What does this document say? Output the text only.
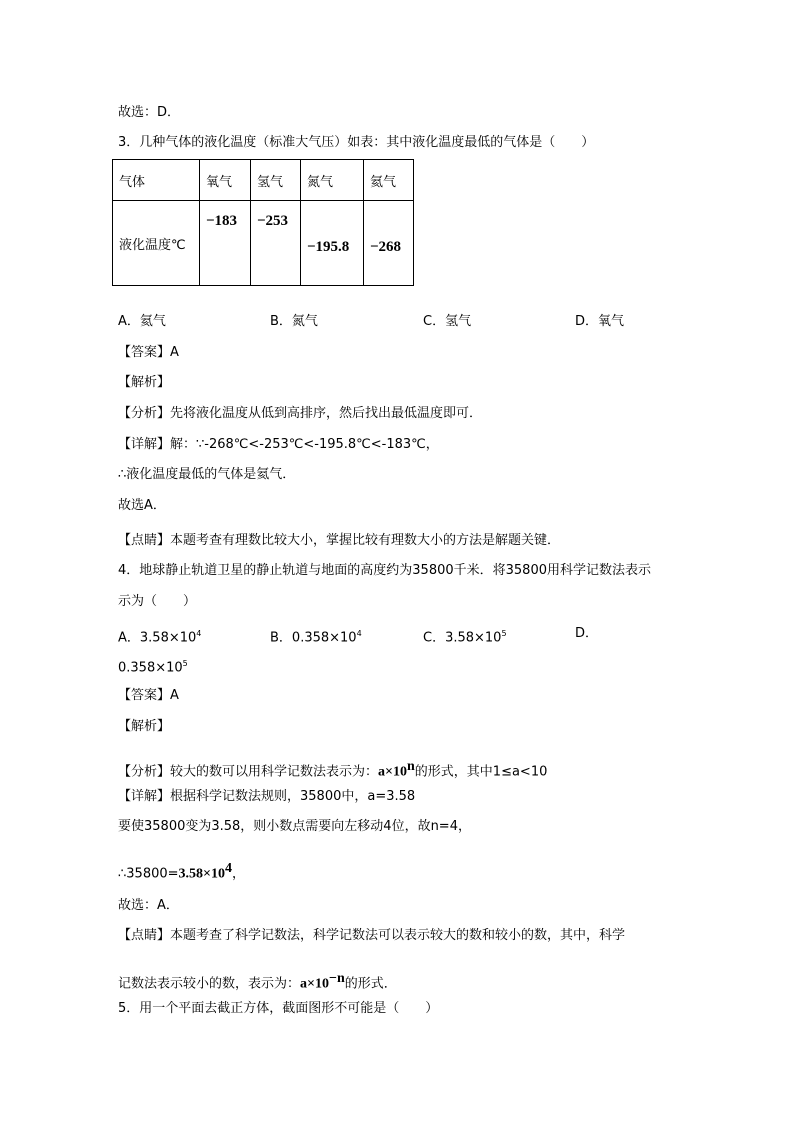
故选：D．
3．几种气体的液化温度（标准大气压）如表：其中液化温度最低的气体是（　　）
气体	氧气	氢气	氮气	氦气
液化温度℃	−183	−253	−195.8	−268
A．氦气	B．氮气	C．氢气	D．氧气
【答案】A
【解析】
【分析】先将液化温度从低到高排序，然后找出最低温度即可．
【详解】解：∵-268℃<-253℃<-195.8℃<-183℃，
∴液化温度最低的气体是氦气．
故选A．
【点睛】本题考查有理数比较大小，掌握比较有理数大小的方法是解题关键．
4．地球静止轨道卫星的静止轨道与地面的高度约为35800千米．将35800用科学记数法表示
示为（　　）
A．$3.58\times 10^4$	B．$0.358\times 10^4$	C．$3.58\times 10^5$	D．
$0.358\times 10^5$
【答案】A
【解析】
【分析】较大的数可以用科学记数法表示为：$a\times 10^n$的形式，其中1≤a<10
【详解】根据科学记数法规则，35800中，a=3.58
要使35800变为3.58，则小数点需要向左移动4位，故n=4，
$\therefore 35800=3.58\times 10^4$，
故选：A．
【点睛】本题考查了科学记数法，科学记数法可以表示较大的数和较小的数，其中，科学
记数法表示较小的数，表示为：$a\times 10^{-n}$的形式．
5．用一个平面去截正方体，截面图形不可能是（　　）
